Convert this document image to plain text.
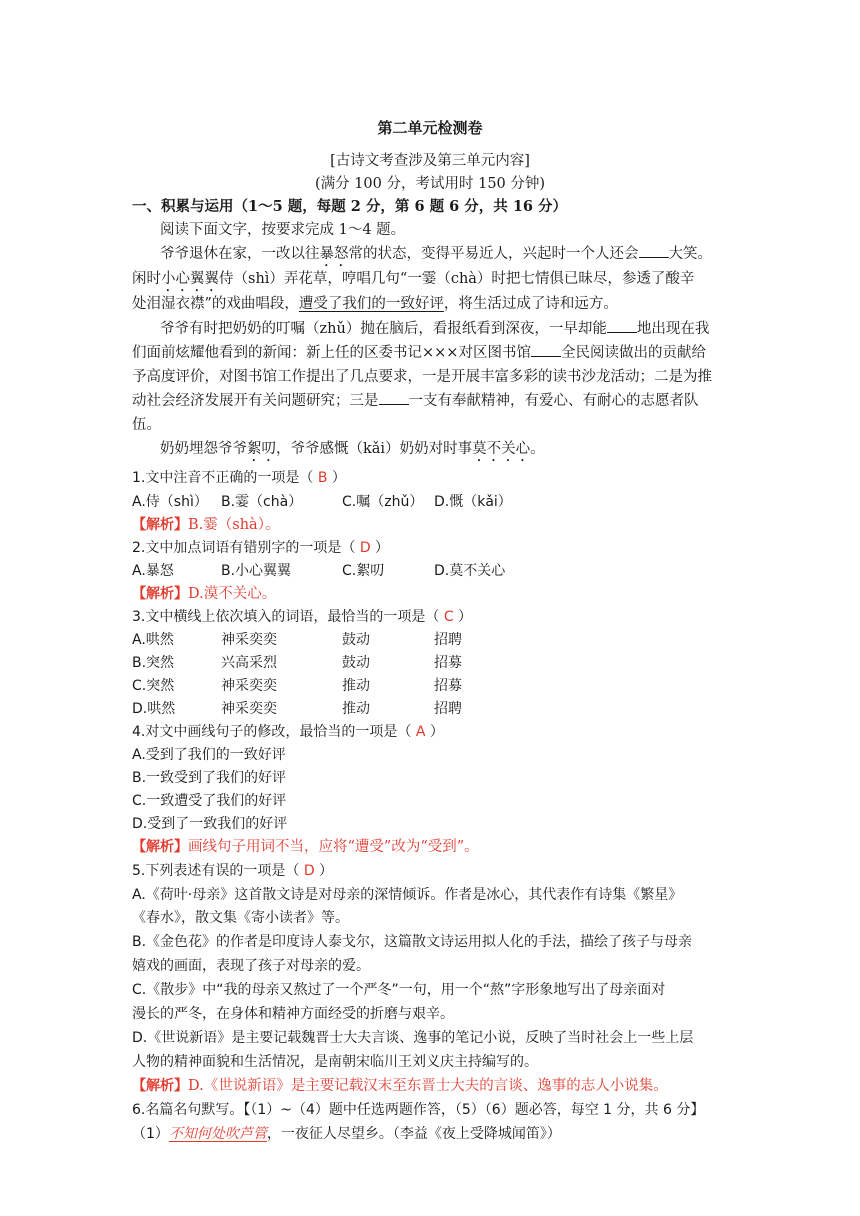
第二单元检测卷
[古诗文考查涉及第三单元内容]
(满分 100 分，考试用时 150 分钟)
一、积累与运用（1～5 题，每题 2 分，第 6 题 6 分，共 16 分）
阅读下面文字，按要求完成 1～4 题。
爷爷退休在家，一改以往暴怒常的状态，变得平易近人，兴起时一个人还会 大笑。
闲时小心翼翼侍（shì）弄花草，哼唱几句“一霎（chà）时把七情俱已昧尽，参透了酸辛
处泪湿衣襟”的戏曲唱段，遭受了我们的一致好评，将生活过成了诗和远方。
爷爷有时把奶奶的叮嘱（zhǔ）抛在脑后，看报纸看到深夜，一早却能 地出现在我
们面前炫耀他看到的新闻：新上任的区委书记×××对区图书馆 全民阅读做出的贡献给
予高度评价，对图书馆工作提出了几点要求，一是开展丰富多彩的读书沙龙活动；二是为推
动社会经济发展开有关问题研究；三是 一支有奉献精神，有爱心、有耐心的志愿者队
伍。
奶奶埋怨爷爷絮叨，爷爷感慨（kǎi）奶奶对时事莫不关心。
1.文中注音不正确的一项是（ B ）
A.侍（shì） B.霎（chà）	C.嘱（zhǔ） D.慨（kǎi）
【解析】B.霎（shà）。
2.文中加点词语有错别字的一项是（ D ）
A.暴怒	B.小心翼翼	C.絮叨	D.莫不关心
【解析】D.漠不关心。
3.文中横线上依次填入的词语，最恰当的一项是（ C ）
A.哄然	神采奕奕	鼓动	招聘
B.突然	兴高采烈	鼓动	招募
C.突然	神采奕奕	推动	招募
D.哄然	神采奕奕	推动	招聘
4.对文中画线句子的修改，最恰当的一项是（ A ）
A.受到了我们的一致好评
B.一致受到了我们的好评
C.一致遭受了我们的好评
D.受到了一致我们的好评
【解析】画线句子用词不当，应将“遭受”改为“受到”。
5.下列表述有误的一项是（ D ）
A.《荷叶·母亲》这首散文诗是对母亲的深情倾诉。作者是冰心，其代表作有诗集《繁星》
《春水》，散文集《寄小读者》等。
B.《金色花》的作者是印度诗人泰戈尔，这篇散文诗运用拟人化的手法，描绘了孩子与母亲
嬉戏的画面，表现了孩子对母亲的爱。
C.《散步》中“我的母亲又熬过了一个严冬”一句，用一个“熬”字形象地写出了母亲面对
漫长的严冬，在身体和精神方面经受的折磨与艰辛。
D.《世说新语》是主要记载魏晋士大夫言谈、逸事的笔记小说，反映了当时社会上一些上层
人物的精神面貌和生活情况，是南朝宋临川王刘义庆主持编写的。
【解析】D.《世说新语》是主要记载汉末至东晋士大夫的言谈、逸事的志人小说集。
6.名篇名句默写。【（1）~（4）题中任选两题作答，（5）（6）题必答，每空 1 分，共 6 分】
（1）不知何处吹芦管，一夜征人尽望乡。（李益《夜上受降城闻笛》）
